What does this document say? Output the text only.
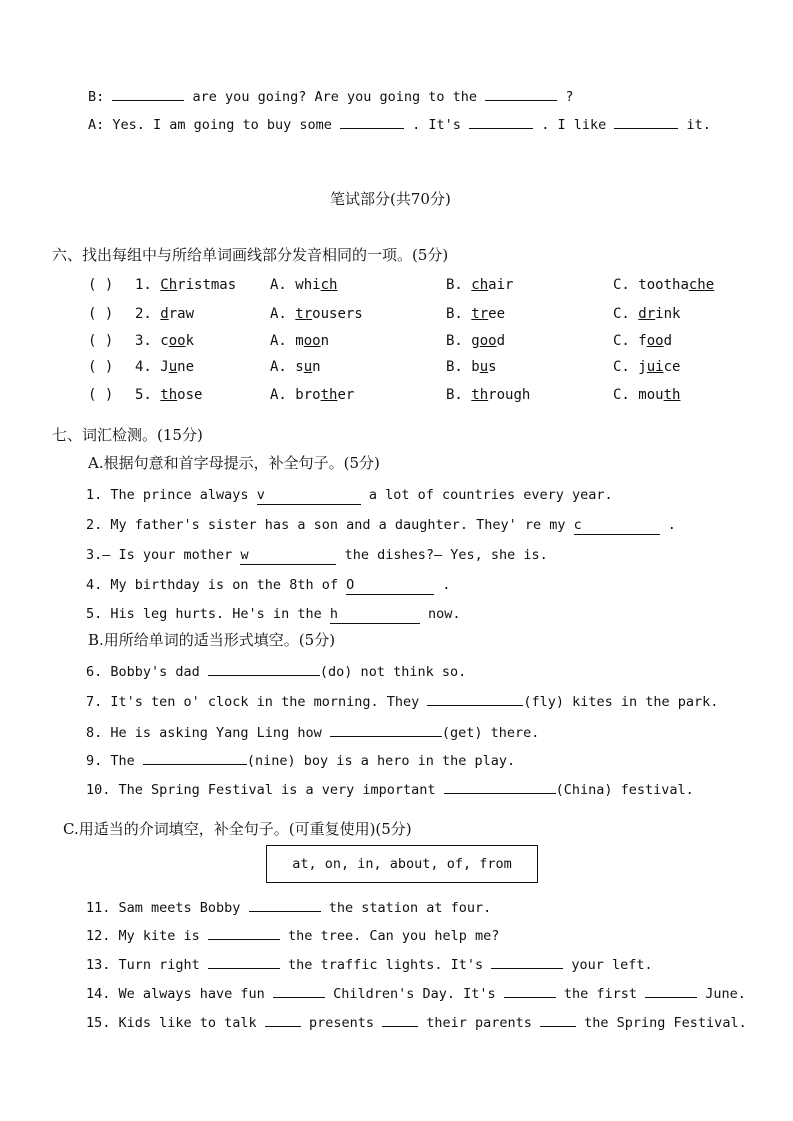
B:	are you going? Are you going to the	?
A: Yes. I am going to buy some	. It's	. I like	it.
笔试部分(共70分)
六、找出每组中与所给单词画线部分发音相同的一项。(5分)
( ) 1. Christmas A. which	B. chair	C. toothache
( ) 2. draw	A. trousers	B. tree	C. drink
( ) 3. cook	A. moon	B. good	C. food
( ) 4. June	A. sun	B. bus	C. juice
( ) 5. those	A. brother	B. through	C. mouth
七、词汇检测。(15分)
A.根据句意和首字母提示，补全句子。(5分)
1. The prince always v	a lot of countries every year.
2. My father's sister has a son and a daughter. They' re my c	.
3.— Is your mother w	the dishes?— Yes, she is.
4. My birthday is on the 8th of O	.
5. His leg hurts. He's in the h	now.
B.用所给单词的适当形式填空。(5分)
6. Bobby's dad	(do) not think so.
7. It's ten o' clock in the morning. They	(fly) kites in the park.
8. He is asking Yang Ling how	(get) there.
9. The	(nine) boy is a hero in the play.
10. The Spring Festival is a very important	(China) festival.
C.用适当的介词填空，补全句子。(可重复使用)(5分)
at, on, in, about, of, from
11. Sam meets Bobby	the station at four.
12. My kite is	the tree. Can you help me?
13. Turn right	the traffic lights. It's	your left.
14. We always have fun	Children's Day. It's	the first	June.
15. Kids like to talk	presents	their parents	the Spring Festival.
